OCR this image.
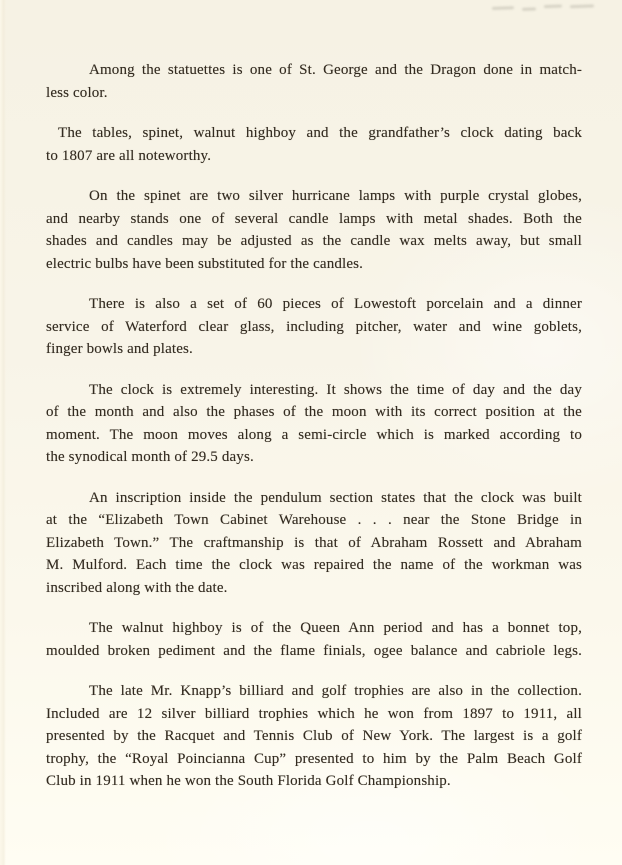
Among the statuettes is one of St. George and the Dragon done in match-
less color.
The tables, spinet, walnut highboy and the grandfather’s clock dating back
to 1807 are all noteworthy.
On the spinet are two silver hurricane lamps with purple crystal globes,
and nearby stands one of several candle lamps with metal shades. Both the
shades and candles may be adjusted as the candle wax melts away, but small
electric bulbs have been substituted for the candles.
There is also a set of 60 pieces of Lowestoft porcelain and a dinner
service of Waterford clear glass, including pitcher, water and wine goblets,
finger bowls and plates.
The clock is extremely interesting. It shows the time of day and the day
of the month and also the phases of the moon with its correct position at the
moment. The moon moves along a semi-circle which is marked according to
the synodical month of 29.5 days.
An inscription inside the pendulum section states that the clock was built
at the “Elizabeth Town Cabinet Warehouse . . . near the Stone Bridge in
Elizabeth Town.” The craftmanship is that of Abraham Rossett and Abraham
M. Mulford. Each time the clock was repaired the name of the workman was
inscribed along with the date.
The walnut highboy is of the Queen Ann period and has a bonnet top,
moulded broken pediment and the flame finials, ogee balance and cabriole legs.
The late Mr. Knapp’s billiard and golf trophies are also in the collection.
Included are 12 silver billiard trophies which he won from 1897 to 1911, all
presented by the Racquet and Tennis Club of New York. The largest is a golf
trophy, the “Royal Poincianna Cup” presented to him by the Palm Beach Golf
Club in 1911 when he won the South Florida Golf Championship.
